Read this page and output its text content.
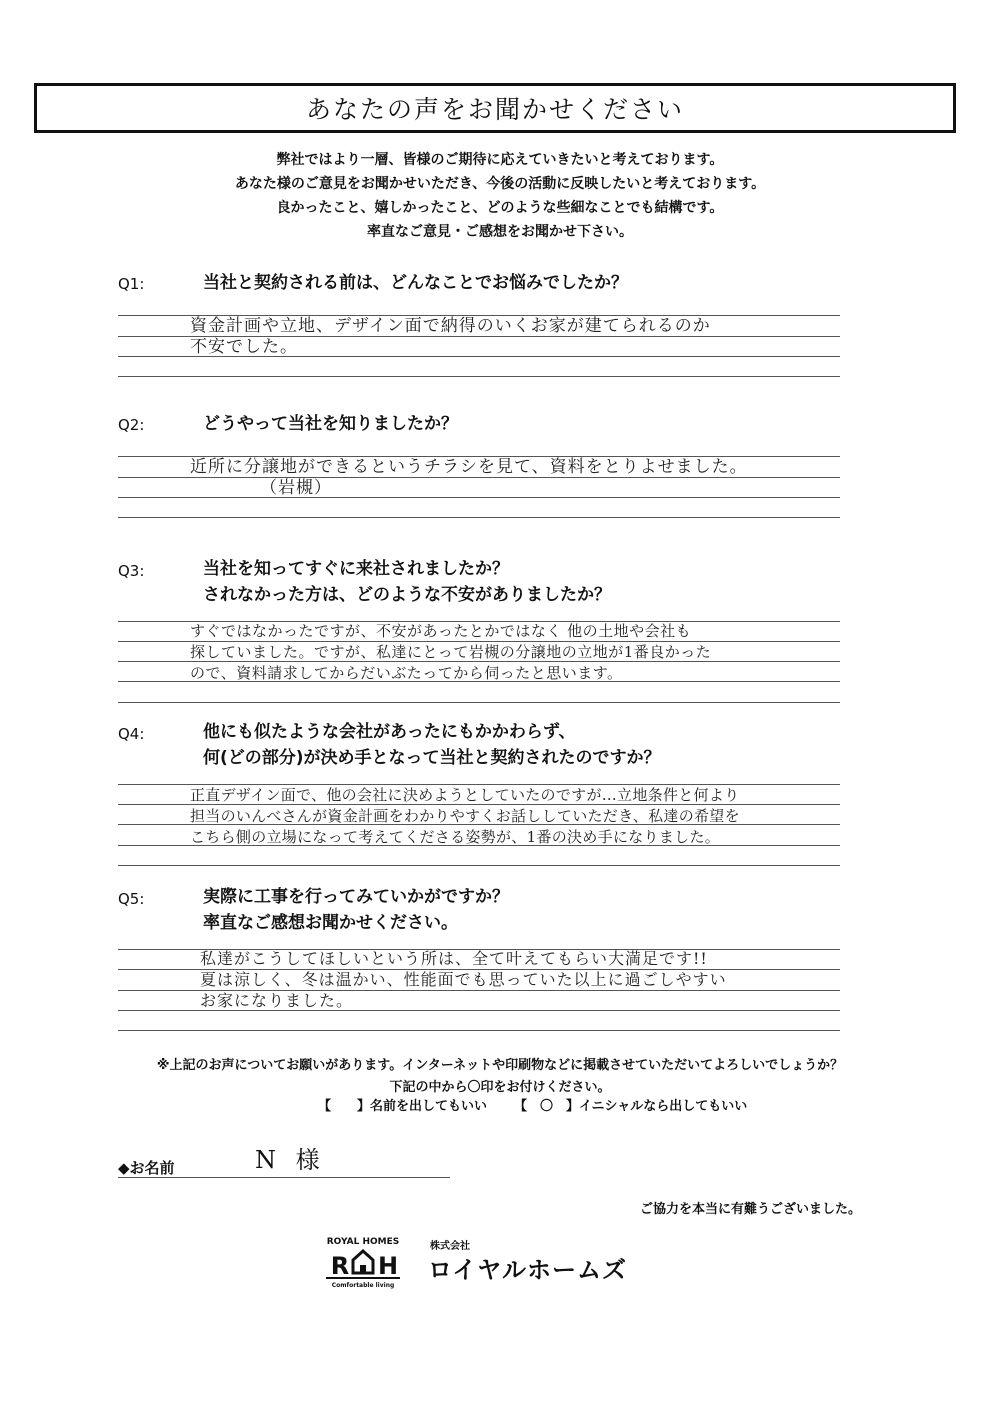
あなたの声をお聞かせください
弊社ではより一層、皆様のご期待に応えていきたいと考えております。
あなた様のご意見をお聞かせいただき、今後の活動に反映したいと考えております。
良かったこと、嬉しかったこと、どのような些細なことでも結構です。
率直なご意見・ご感想をお聞かせ下さい。
Q1:	当社と契約される前は、どんなことでお悩みでしたか？
資金計画や立地、デザイン面で納得のいくお家が建てられるのか
不安でした。
Q2:	どうやって当社を知りましたか？
近所に分譲地ができるというチラシを見て、資料をとりよせました。
（岩槻）
Q3:	当社を知ってすぐに来社されましたか？
されなかった方は、どのような不安がありましたか？
すぐではなかったですが、不安があったとかではなく 他の土地や会社も
探していました。ですが、私達にとって岩槻の分譲地の立地が1番良かった
ので、資料請求してからだいぶたってから伺ったと思います。
Q4:	他にも似たような会社があったにもかかわらず、
何(どの部分)が決め手となって当社と契約されたのですか？
正直デザイン面で、他の会社に決めようとしていたのですが…立地条件と何より
担当のいんべさんが資金計画をわかりやすくお話ししていただき、私達の希望を
こちら側の立場になって考えてくださる姿勢が、1番の決め手になりました。
Q5:	実際に工事を行ってみていかがですか？
率直なご感想お聞かせください。
私達がこうしてほしいという所は、全て叶えてもらい大満足です!!
夏は涼しく、冬は温かい、性能面でも思っていた以上に過ごしやすい
お家になりました。
※上記のお声についてお願いがあります。インターネットや印刷物などに掲載させていただいてよろしいでしょうか？
下記の中から〇印をお付けください。
【　　】名前を出してもいい 【　〇　】イニシャルなら出してもいい
◆お名前	N 様
ご協力を本当に有難うございました。
ROYAL HOMES
R H
Comfortable living
株式会社
ロイヤルホームズ
